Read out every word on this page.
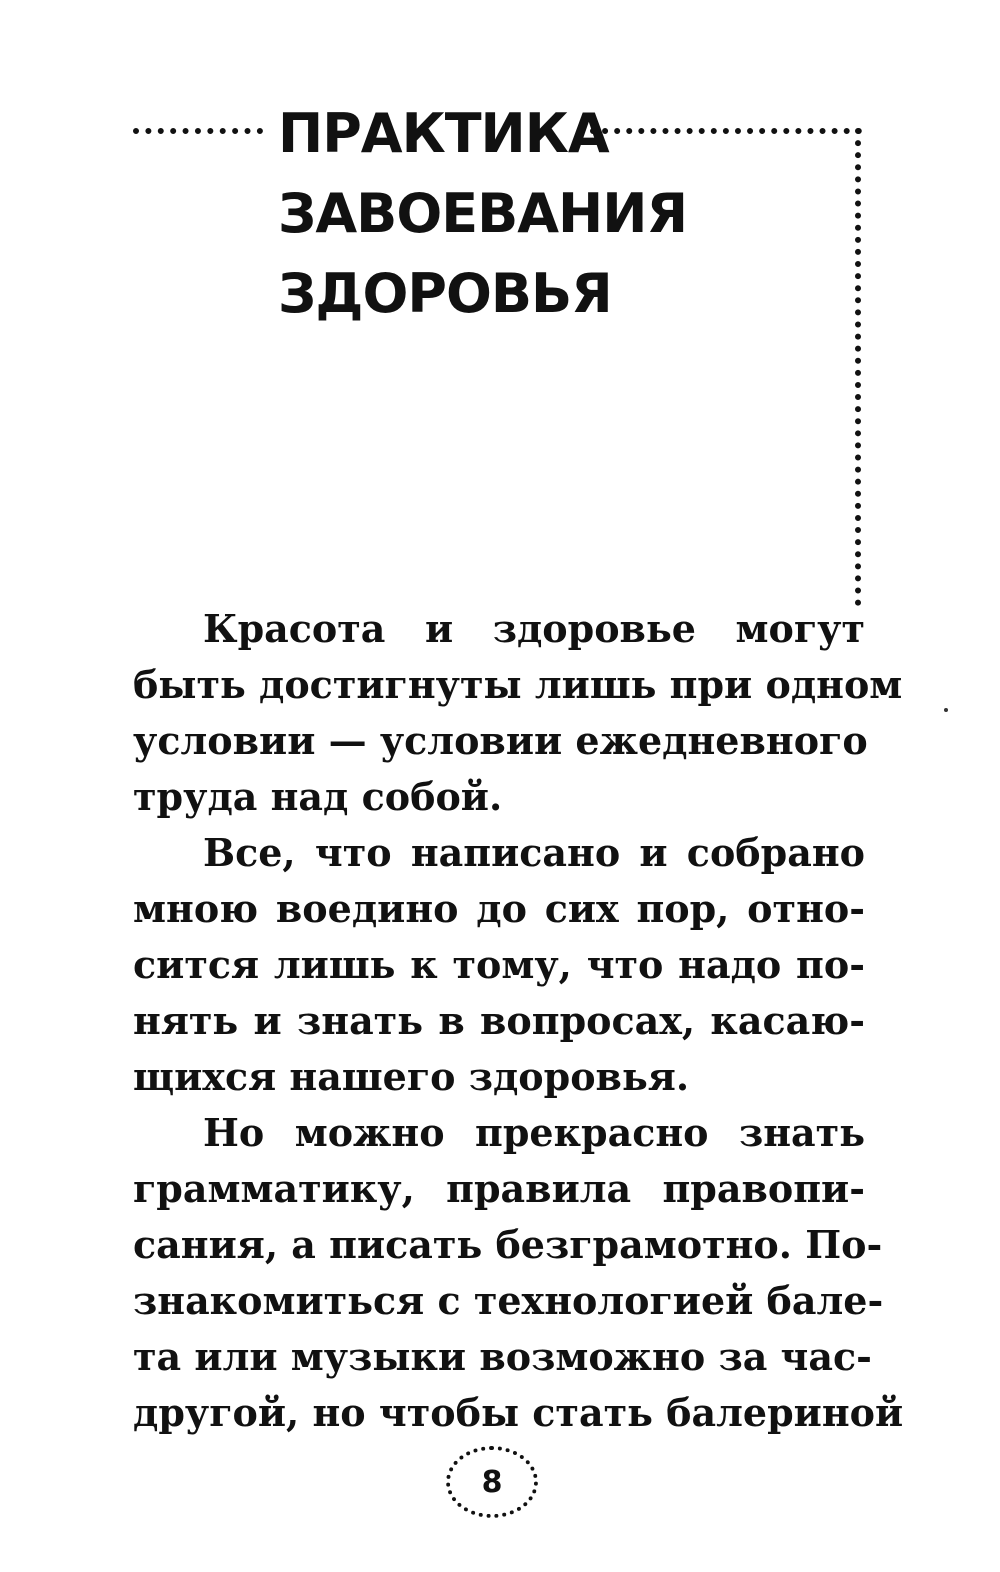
ПРАКТИКА
ЗАВОЕВАНИЯ
ЗДОРОВЬЯ
Красота и здоровье могут
быть достигнуты лишь при одном
условии — условии ежедневного
труда над собой.
Все, что написано и собрано
мною воедино до сих пор, отно-
сится лишь к тому, что надо по-
нять и знать в вопросах, касаю-
щихся нашего здоровья.
Но можно прекрасно знать
грамматику, правила правопи-
сания, а писать безграмотно. По-
знакомиться с технологией бале-
та или музыки возможно за час-
другой, но чтобы стать балериной
8
